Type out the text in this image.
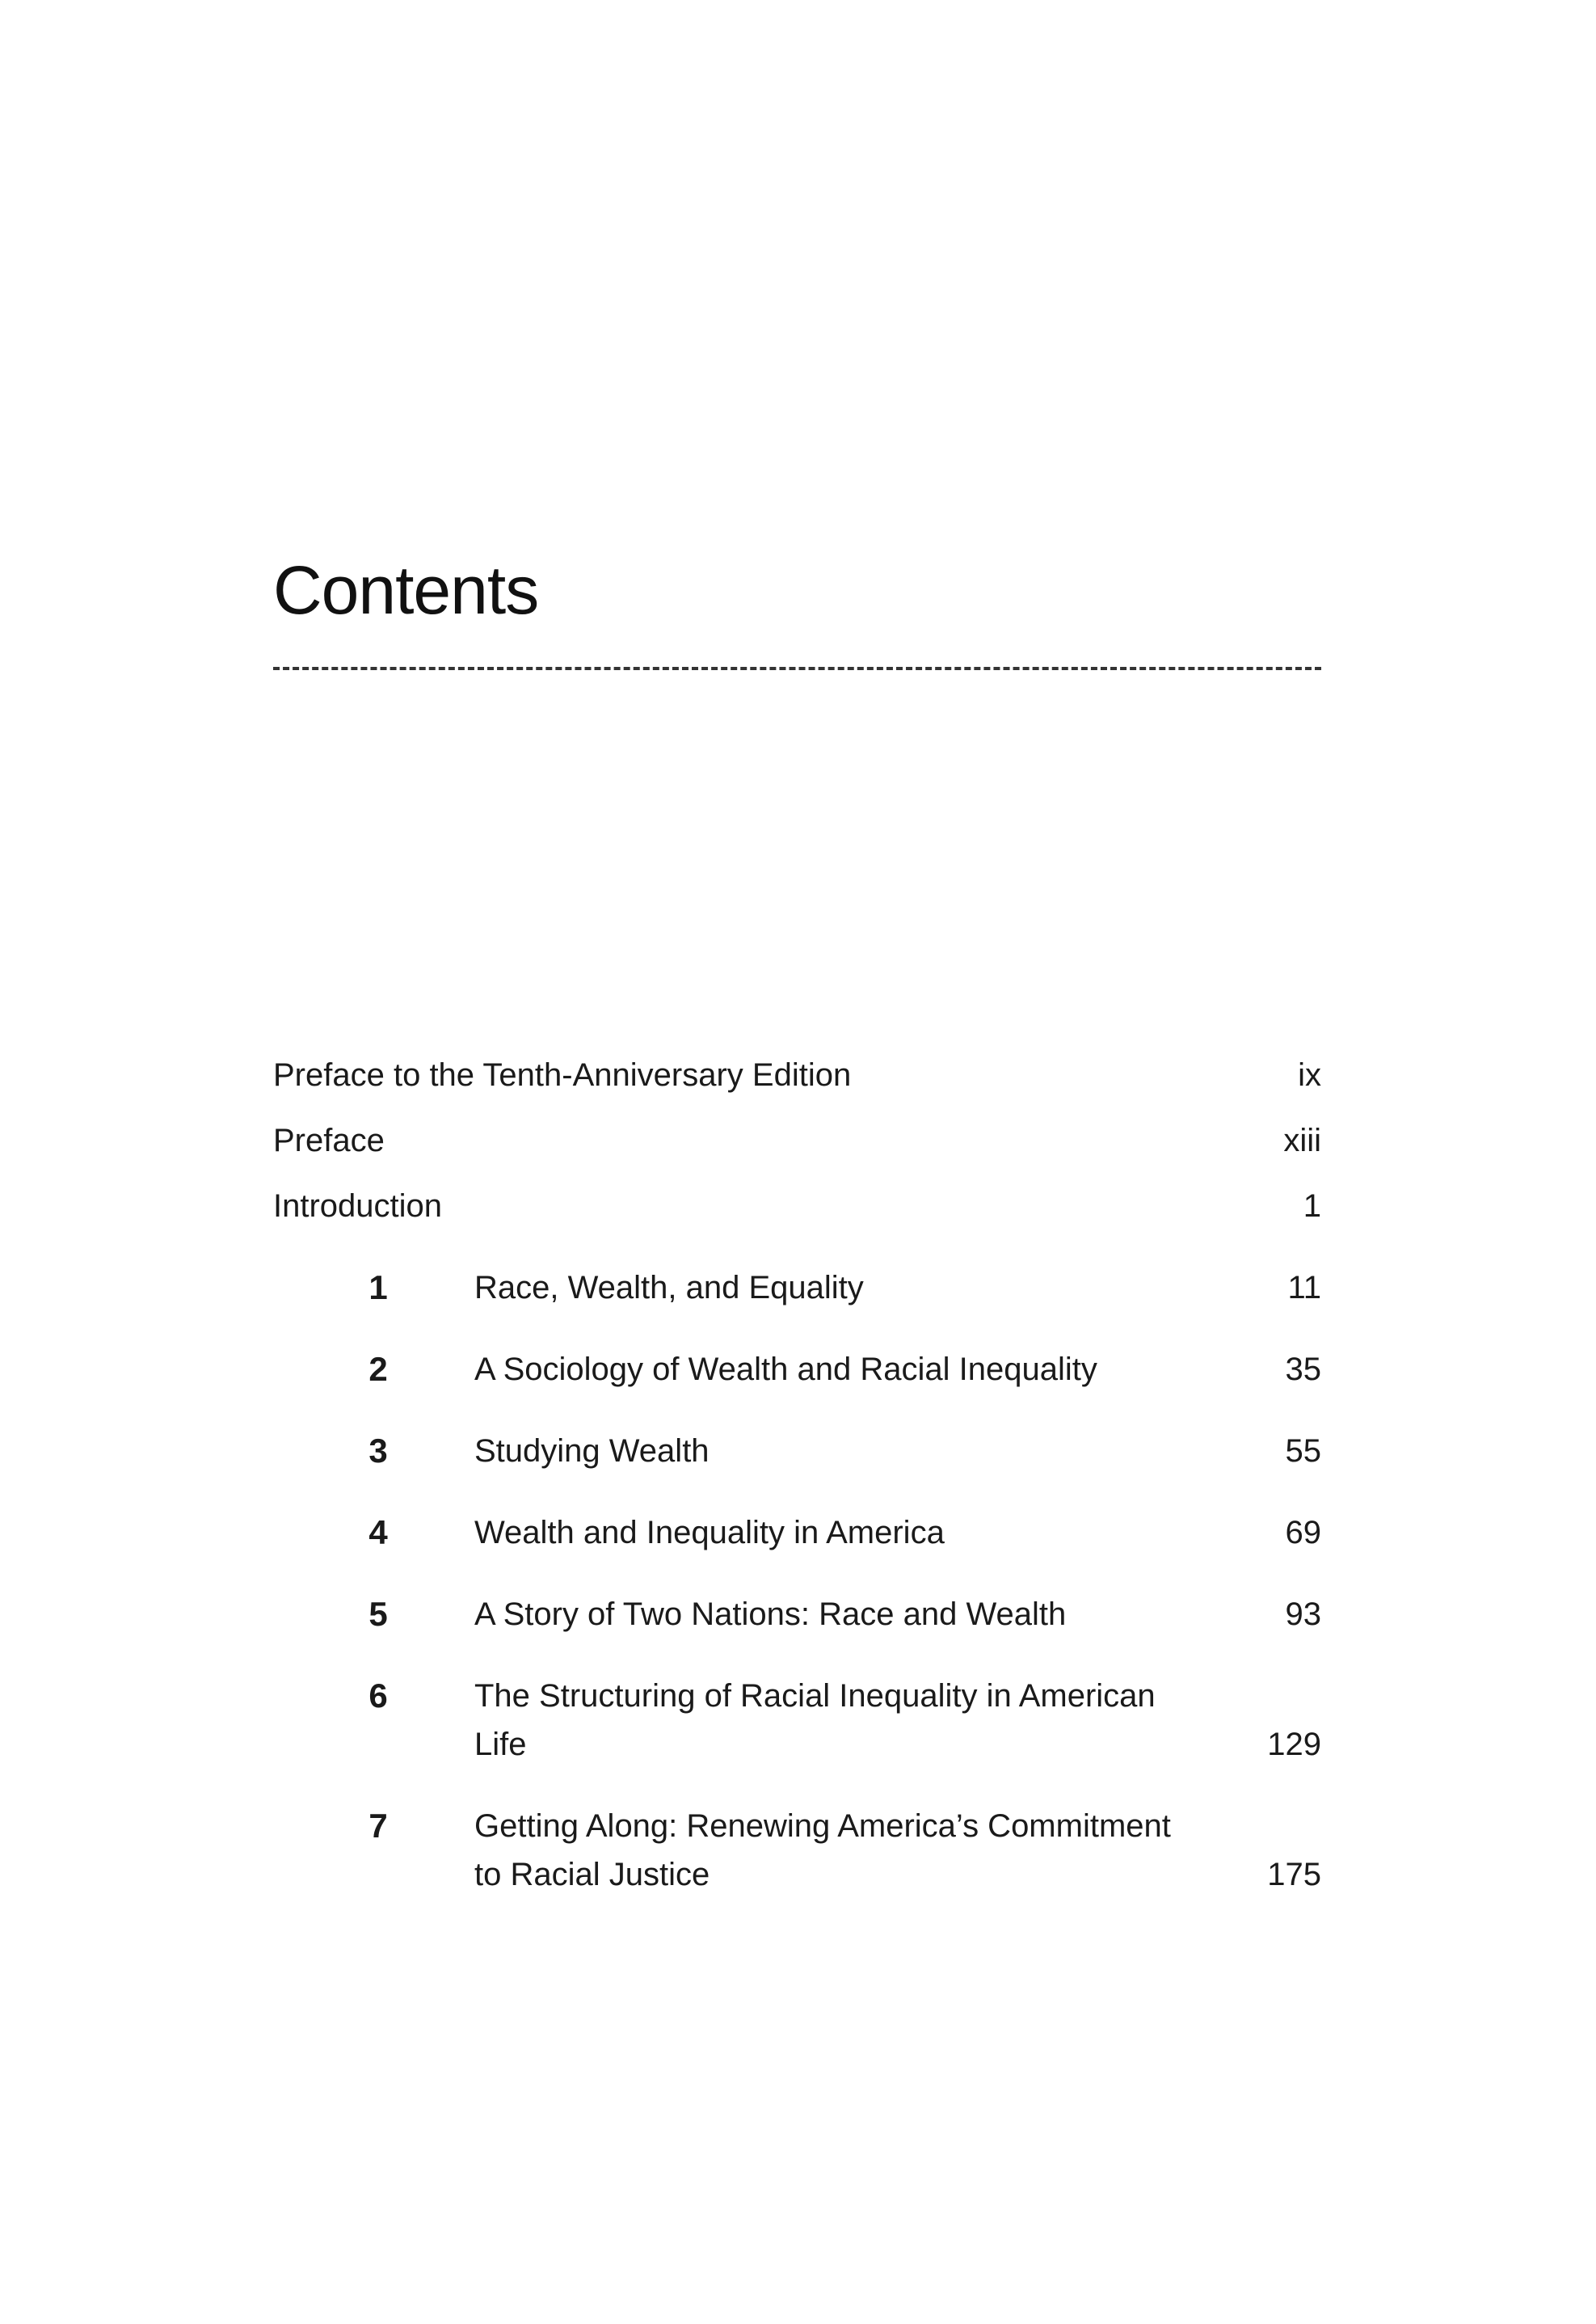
Contents
Preface to the Tenth-Anniversary Edition	ix
Preface	xiii
Introduction	1
1	Race, Wealth, and Equality	11
2	A Sociology of Wealth and Racial Inequality	35
3	Studying Wealth	55
4	Wealth and Inequality in America	69
5	A Story of Two Nations: Race and Wealth	93
6	The Structuring of Racial Inequality in American Life	129
7	Getting Along: Renewing America’s Commitment to Racial Justice	175
